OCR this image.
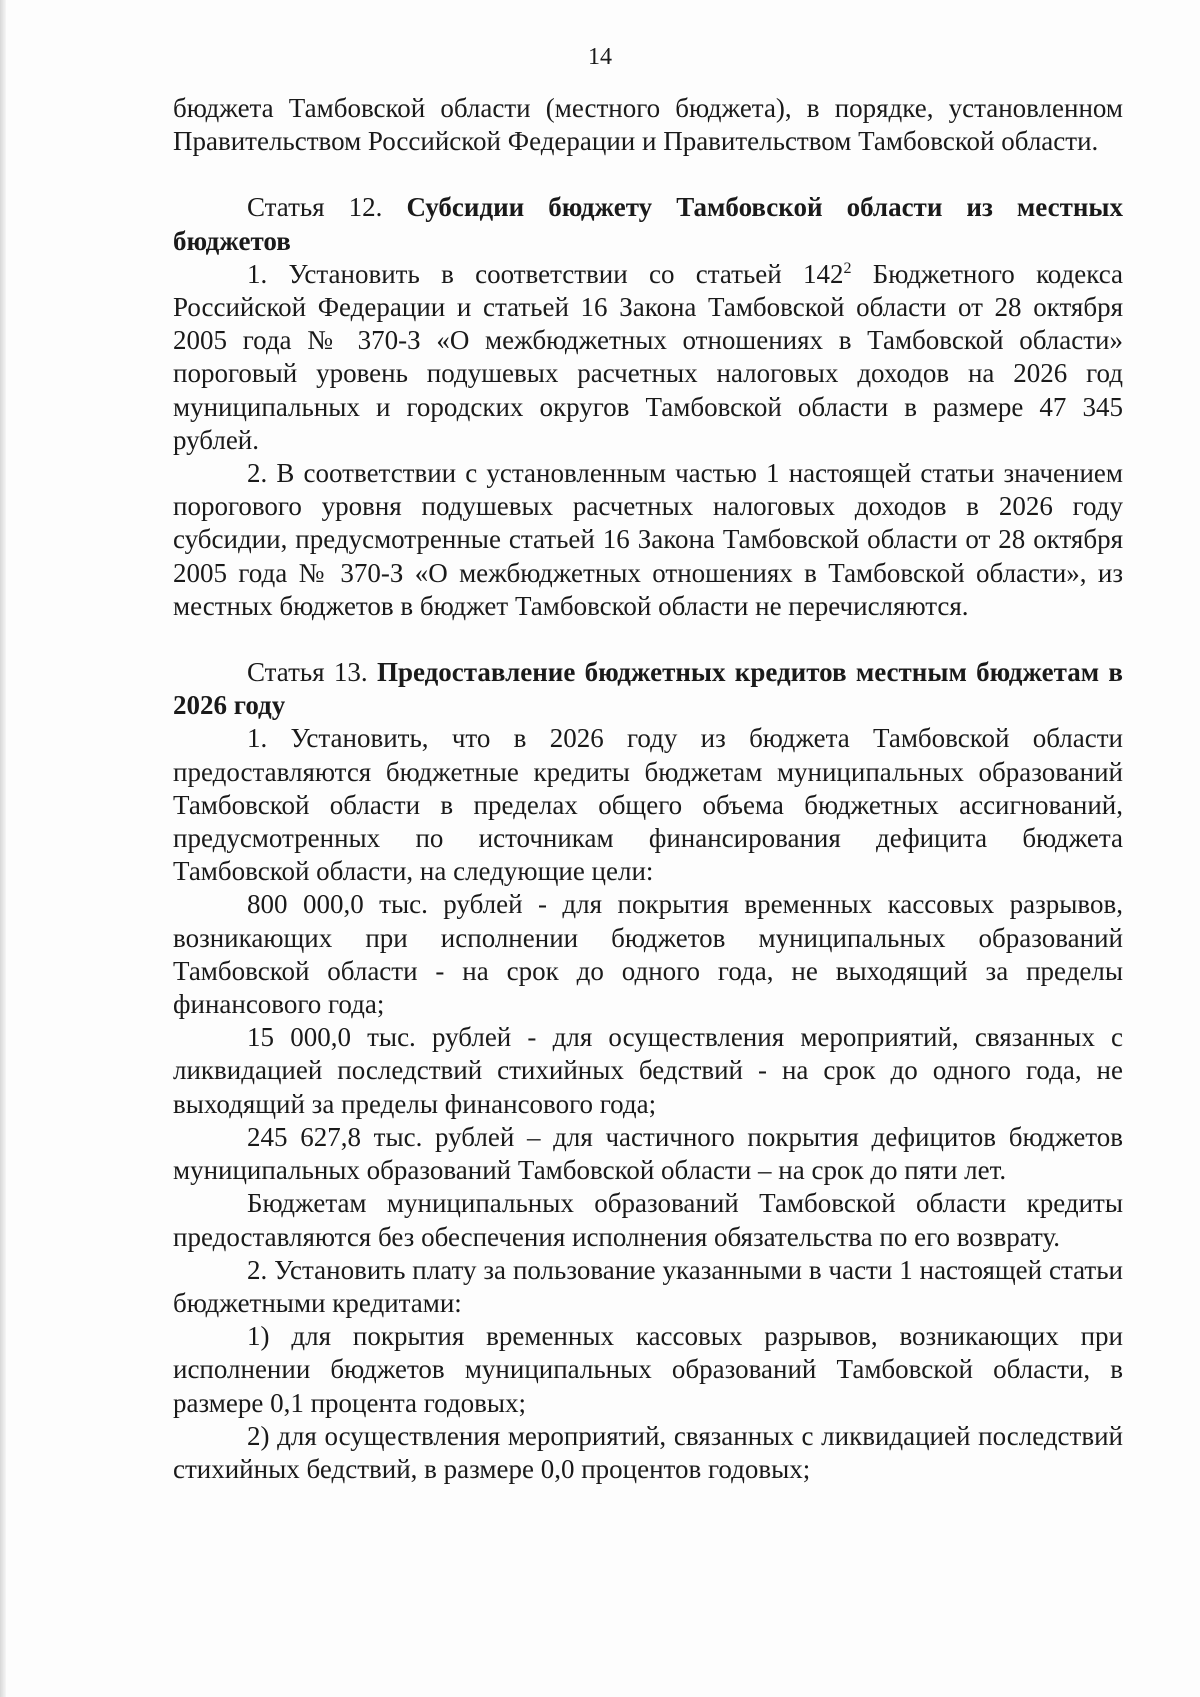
14

бюджета Тамбовской области (местного бюджета), в порядке, установленном Правительством Российской Федерации и Правительством Тамбовской области.

Статья 12. Субсидии бюджету Тамбовской области из местных бюджетов

1. Установить в соответствии со статьей $142^2$ Бюджетного кодекса Российской Федерации и статьей 16 Закона Тамбовской области от 28 октября 2005 года № 370-З «О межбюджетных отношениях в Тамбовской области» пороговый уровень подушевых расчетных налоговых доходов на 2026 год муниципальных и городских округов Тамбовской области в размере 47 345 рублей.

2. В соответствии с установленным частью 1 настоящей статьи значением порогового уровня подушевых расчетных налоговых доходов в 2026 году субсидии, предусмотренные статьей 16 Закона Тамбовской области от 28 октября 2005 года № 370-З «О межбюджетных отношениях в Тамбовской области», из местных бюджетов в бюджет Тамбовской области не перечисляются.

Статья 13. Предоставление бюджетных кредитов местным бюджетам в 2026 году

1. Установить, что в 2026 году из бюджета Тамбовской области предоставляются бюджетные кредиты бюджетам муниципальных образований Тамбовской области в пределах общего объема бюджетных ассигнований, предусмотренных по источникам финансирования дефицита бюджета Тамбовской области, на следующие цели:

800 000,0 тыс. рублей - для покрытия временных кассовых разрывов, возникающих при исполнении бюджетов муниципальных образований Тамбовской области - на срок до одного года, не выходящий за пределы финансового года;

15 000,0 тыс. рублей - для осуществления мероприятий, связанных с ликвидацией последствий стихийных бедствий - на срок до одного года, не выходящий за пределы финансового года;

245 627,8 тыс. рублей – для частичного покрытия дефицитов бюджетов муниципальных образований Тамбовской области – на срок до пяти лет.

Бюджетам муниципальных образований Тамбовской области кредиты предоставляются без обеспечения исполнения обязательства по его возврату.

2. Установить плату за пользование указанными в части 1 настоящей статьи бюджетными кредитами:

1) для покрытия временных кассовых разрывов, возникающих при исполнении бюджетов муниципальных образований Тамбовской области, в размере 0,1 процента годовых;

2) для осуществления мероприятий, связанных с ликвидацией последствий стихийных бедствий, в размере 0,0 процентов годовых;
